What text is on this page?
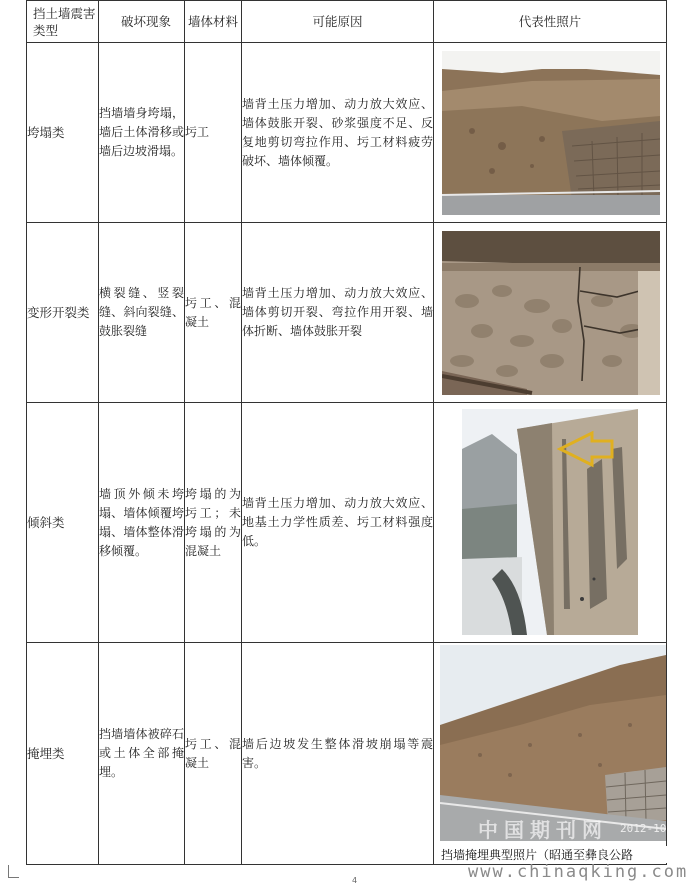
挡土墙震害类型	破坏现象	墙体材料	可能原因	代表性照片
垮塌类	挡墙墙身垮塌，墙后土体滑移或墙后边坡滑塌。	圬工	墙背土压力增加、动力放大效应、墙体鼓胀开裂、砂浆强度不足、反复地剪切弯拉作用、圬工材料疲劳破坏、墙体倾覆。	

变形开裂类	横裂缝、竖裂缝、斜向裂缝、鼓胀裂缝	圬工、混凝土	墙背土压力增加、动力放大效应、墙体剪切开裂、弯拉作用开裂、墙体折断、墙体鼓胀开裂	

倾斜类	墙顶外倾未垮塌、墙体倾覆垮塌、墙体整体滑移倾覆。	垮塌的为圬工；未垮塌的为混凝土	墙背土压力增加、动力放大效应、地基土力学性质差、圬工材料强度低。	

掩埋类	挡墙墙体被碎石或土体全部掩埋。	圬工、混凝土	墙后边坡发生整体滑坡崩塌等震害。	
中国期刊网 2012-10
挡墙掩埋典型照片（昭通至彝良公路
www.chinaqking.com
4
